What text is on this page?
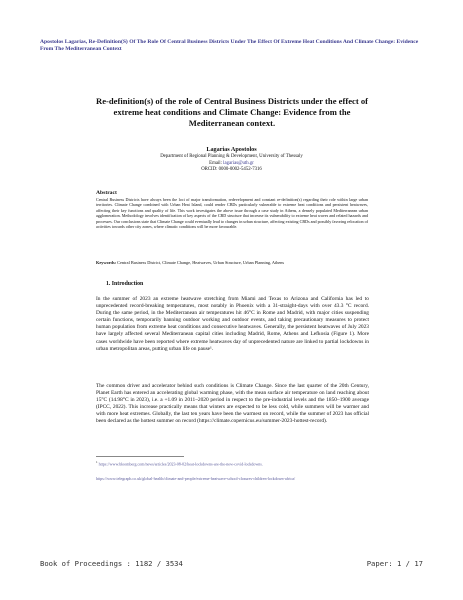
Apostolos Lagarias, Re-Definition(S) Of The Role Of Central Business Districts Under The Effect Of Extreme Heat Conditions And Climate Change: Evidence From The Mediterranean Context
Re-definition(s) of the role of Central Business Districts under the effect of extreme heat conditions and Climate Change: Evidence from the Mediterranean context.
Lagarias Apostolos
Department of Regional Planning & Development, University of Thessaly
Email: lagarias@uth.gr
ORCID: 0000-0002-5452-7316
Abstract
Central Business Districts have always been the loci of major transformation, redevelopment and constant re-definition(s) regarding their role within large urban territories. Climate Change combined with Urban Heat Island, could render CBDs particularly vulnerable to extreme heat conditions and persistent heatwaves, affecting their key functions and quality of life. This work investigates the above issue through a case study in Athens, a densely populated Mediterranean urban agglomeration. Methodology involves identification of key aspects of the CBD structure that increase its vulnerability to extreme heat waves and related hazards and processes. Our conclusions state that Climate Change could eventually lead to changes in urban structure, affecting existing CBDs and possibly favoring relocation of activities towards other city zones, where climatic conditions will be more favourable.
Keywords: Central Business District, Climate Change, Heatwaves, Urban Structure, Urban Planning, Athens
1. Introduction
In the summer of 2023 an extreme heatwave stretching from Miami and Texas to Arizona and California has led to unprecedented record-breaking temperatures, most notably in Phoenix with a 31-straight-days with over 43.3 °C record. During the same period, in the Mediterranean air temperatures hit 46°C in Rome and Madrid, with major cities suspending certain functions, temporarily banning outdoor working and outdoor events, and taking precautionary measures to protect human population from extreme heat conditions and consecutive heatwaves. Generally, the persistent heatwaves of July 2023 have largely affected several Mediterranean capital cities including Madrid, Rome, Athens and Lefkosia (Figure 1). More cases worldwide have been reported where extreme heatwaves day of unprecedented nature are linked to partial lockdowns in urban metropolitan areas, putting urban life on pause¹.
The common driver and accelerator behind such conditions is Climate Change. Since the last quarter of the 20th Century, Planet Earth has entered an accelerating global warming phase, with the mean surface air temperature on land reaching about 15°C (14.98°C in 2023), i.e. a +1.09 in 2011–2020 period in respect to the pre-industrial levels and the 1850–1900 average (IPCC, 2022). This increase practically means that winters are expected to be less cold, while summers will be warmer and with more heat extremes. Globally, the last ten years have been the warmest on record, while the summer of 2023 has official been declared as the hottest summer on record (https://climate.copernicus.eu/summer-2023-hottest-record).
$^1$ https://www.bloomberg.com/news/articles/2023-08-02/heat-lockdowns-are-the-new-covid-lockdowns.
https://www.telegraph.co.uk/global-health/climate-and-people/extreme-heatwave-school-closures-children-lockdown-africa/
Book of Proceedings : 1182 / 3534	Paper: 1 / 17
